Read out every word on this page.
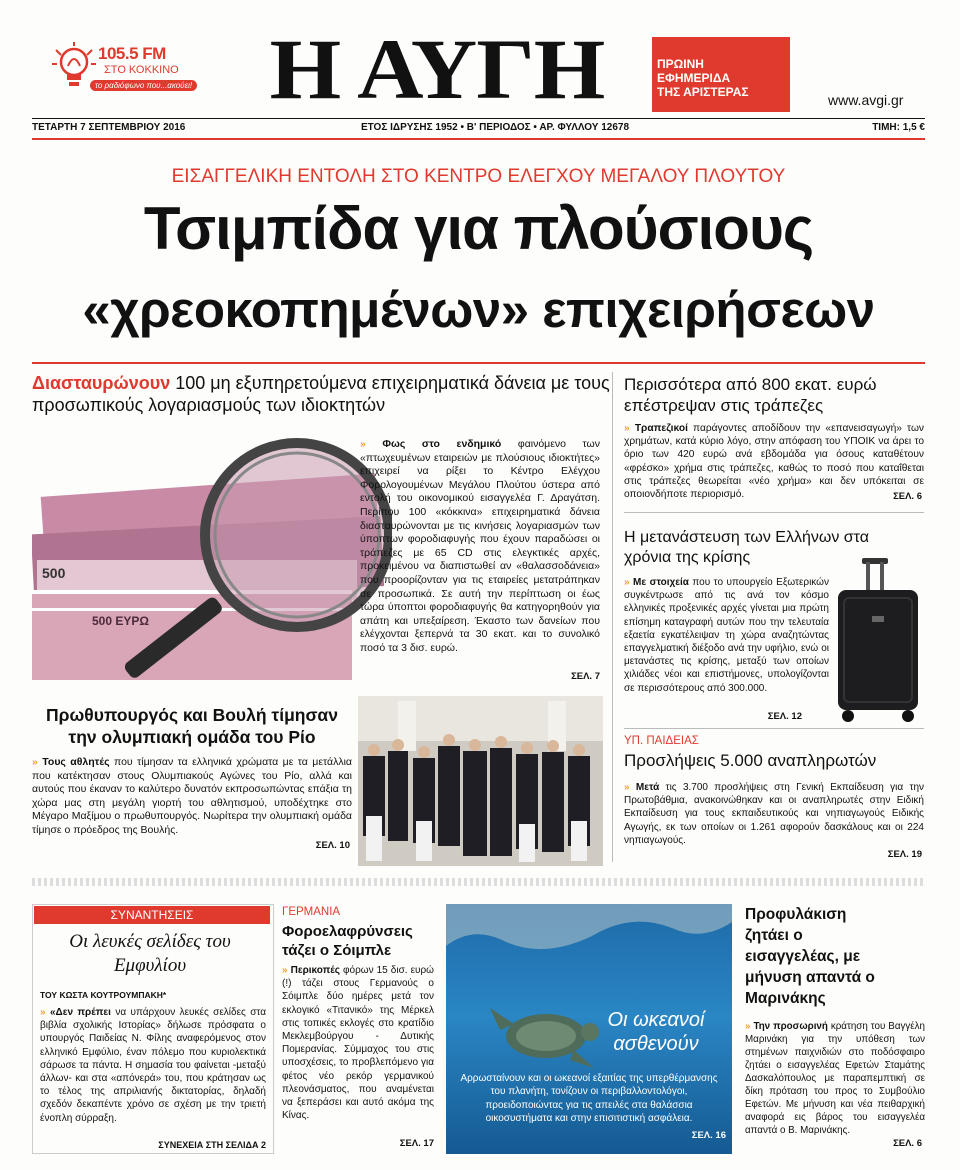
105.5 FM
ΣΤΟ ΚΟΚΚΙΝΟ
το ραδιόφωνο που...ακούει! Η ΑΥΓΗ	ΠΡΩΙΝΗ
ΕΦΗΜΕΡΙΔΑ
ΤΗΣ ΑΡΙΣΤΕΡΑΣ	www.avgi.gr
ΤΕΤΑΡΤΗ 7 ΣΕΠΤΕΜΒΡΙΟΥ 2016	ΕΤΟΣ ΙΔΡΥΣΗΣ 1952 • Β' ΠΕΡΙΟΔΟΣ • ΑΡ. ΦΥΛΛΟΥ 12678	ΤΙΜΗ: 1,5 €
ΕΙΣΑΓΓΕΛΙΚΗ ΕΝΤΟΛΗ ΣΤΟ ΚΕΝΤΡΟ ΕΛΕΓΧΟΥ ΜΕΓΑΛΟΥ ΠΛΟΥΤΟΥ
Τσιμπίδα για πλούσιους
«χρεοκοπημένων» επιχειρήσεων
Διασταυρώνουν 100 μη εξυπηρετούμενα επιχειρηματικά δάνεια με τους προσωπικούς λογαριασμούς των ιδιοκτητών
500
500 ΕΥΡΩ
» Φως στο ενδημικό φαινόμενο των «πτωχευμένων εταιρειών με πλούσιους ιδιοκτήτες» επιχειρεί να ρίξει το Κέντρο Ελέγχου Φορολογουμένων Μεγάλου Πλούτου ύστερα από εντολή του οικονομικού εισαγγελέα Γ. Δραγάτση. Περίπου 100 «κόκκινα» επιχειρηματικά δάνεια διασταυρώνονται με τις κινήσεις λογαριασμών των ύποπτων φοροδιαφυγής που έχουν παραδώσει οι τράπεζες με 65 CD στις ελεγκτικές αρχές, προκειμένου να διαπιστωθεί αν «θαλασσοδάνεια» που προορίζονταν για τις εταιρείες μετατράπηκαν σε προσωπικά. Σε αυτή την περίπτωση οι έως τώρα ύποπτοι φοροδιαφυγής θα κατηγορηθούν για απάτη και υπεξαίρεση. Έκαστο των δανείων που ελέγχονται ξεπερνά τα 30 εκατ. και το συνολικό ποσό τα 3 δισ. ευρώ.
ΣΕΛ. 7
Πρωθυπουργός και Βουλή τίμησαν
την ολυμπιακή ομάδα του Ρίο
» Τους αθλητές που τίμησαν τα ελληνικά χρώματα με τα μετάλλια που κατέκτησαν στους Ολυμπιακούς Αγώνες του Ρίο, αλλά και αυτούς που έκαναν το καλύτερο δυνατόν εκπροσωπώντας επάξια τη χώρα μας στη μεγάλη γιορτή του αθλητισμού, υποδέχτηκε στο Μέγαρο Μαξίμου ο πρωθυπουργός. Νωρίτερα την ολυμπιακή ομάδα τίμησε ο πρόεδρος της Βουλής.
ΣΕΛ. 10
Περισσότερα από 800 εκατ. ευρώ επέστρεψαν στις τράπεζες
» Τραπεζικοί παράγοντες αποδίδουν την «επανεισαγωγή» των χρημάτων, κατά κύριο λόγο, στην απόφαση του ΥΠΟΙΚ να άρει το όριο των 420 ευρώ ανά εβδομάδα για όσους καταθέτουν «φρέσκο» χρήμα στις τράπεζες, καθώς το ποσό που καταΐθεται στις τράπεζες θεωρείται «νέο χρήμα» και δεν υπόκειται σε οποιονδήποτε περιορισμό.	ΣΕΛ. 6
Η μετανάστευση των Ελλήνων στα χρόνια της κρίσης
» Με στοιχεία που το υπουργείο Εξωτερικών συγκέντρωσε από τις ανά τον κόσμο ελληνικές προξενικές αρχές γίνεται μια πρώτη επίσημη καταγραφή αυτών που την τελευταία εξαετία εγκατέλειψαν τη χώρα αναζητώντας επαγγελματική διέξοδο ανά την υφήλιο, ενώ οι μετανάστες τις κρίσης, μεταξύ των οποίων χιλιάδες νέοι και επιστήμονες, υπολογίζονται σε περισσότερους από 300.000.
ΣΕΛ. 12
ΥΠ. ΠΑΙΔΕΙΑΣ
Προσλήψεις 5.000 αναπληρωτών
» Μετά τις 3.700 προσλήψεις στη Γενική Εκπαίδευση για την Πρωτοβάθμια, ανακοινώθηκαν και οι αναπληρωτές στην Ειδική Εκπαίδευση για τους εκπαιδευτικούς και νηπιαγωγούς Ειδικής Αγωγής, εκ των οποίων οι 1.261 αφορούν δασκάλους και οι 224 νηπιαγωγούς.
ΣΕΛ. 19
ΣΥΝΑΝΤΗΣΕΙΣ
Οι λευκές σελίδες του Εμφυλίου
ΤΟΥ ΚΩΣΤΑ ΚΟΥΤΡΟΥΜΠΑΚΗ*
» «Δεν πρέπει να υπάρχουν λευκές σελίδες στα βιβλία σχολικής Ιστορίας» δήλωσε πρόσφατα ο υπουργός Παιδείας Ν. Φίλης αναφερόμενος στον ελληνικό Εμφύλιο, έναν πόλεμο που κυριολεκτικά σάρωσε τα πάντα. Η σημασία του φαίνεται -μεταξύ άλλων- και στα «απόνερά» του, που κράτησαν ως το τέλος της απριλιανής δικτατορίας, δηλαδή σχεδόν δεκαπέντε χρόνο σε σχέση με την τριετή ένοπλη σύρραξη.
ΣΥΝΕΧΕΙΑ ΣΤΗ ΣΕΛΙΔΑ 2
ΓΕΡΜΑΝΙΑ
Φοροελαφρύνσεις τάζει ο Σόιμπλε
» Περικοπές φόρων 15 δισ. ευρώ (!) τάζει στους Γερμανούς ο Σόιμπλε δύο ημέρες μετά τον εκλογικό «Τιτανικό» της Μέρκελ στις τοπικές εκλογές στο κρατίδιο Μεκλεμβούργου - Δυτικής Πομερανίας. Σύμμαχος του στις υποσχέσεις, το προβλεπόμενο για φέτος νέο ρεκόρ γερμανικού πλεονάσματος, που αναμένεται να ξεπεράσει και αυτό ακόμα της Κίνας.
ΣΕΛ. 17
Οι ωκεανοί
ασθενούν
Αρρωσταίνουν και οι ωκεανοί εξαιτίας της υπερθέρμανσης του πλανήτη, τονίζουν οι περιβαλλοντολόγοι, προειδοποιώντας για τις απειλές στα θαλάσσια οικοσυστήματα και στην επισιτιστική ασφάλεια.
ΣΕΛ. 16
Προφυλάκιση ζητάει ο εισαγγελέας, με μήνυση απαντά ο Μαρινάκης
» Την προσωρινή κράτηση του Βαγγέλη Μαρινάκη για την υπόθεση των στημένων παιχνιδιών στο ποδόσφαιρο ζητάει ο εισαγγελέας Εφετών Σταμάτης Δασκαλόπουλος με παραπεμπτική σε δίκη πρόταση του προς το Συμβούλιο Εφετών. Με μήνυση και νέα πειθαρχική αναφορά εις βάρος του εισαγγελέα απαντά ο Β. Μαρινάκης.
ΣΕΛ. 6
